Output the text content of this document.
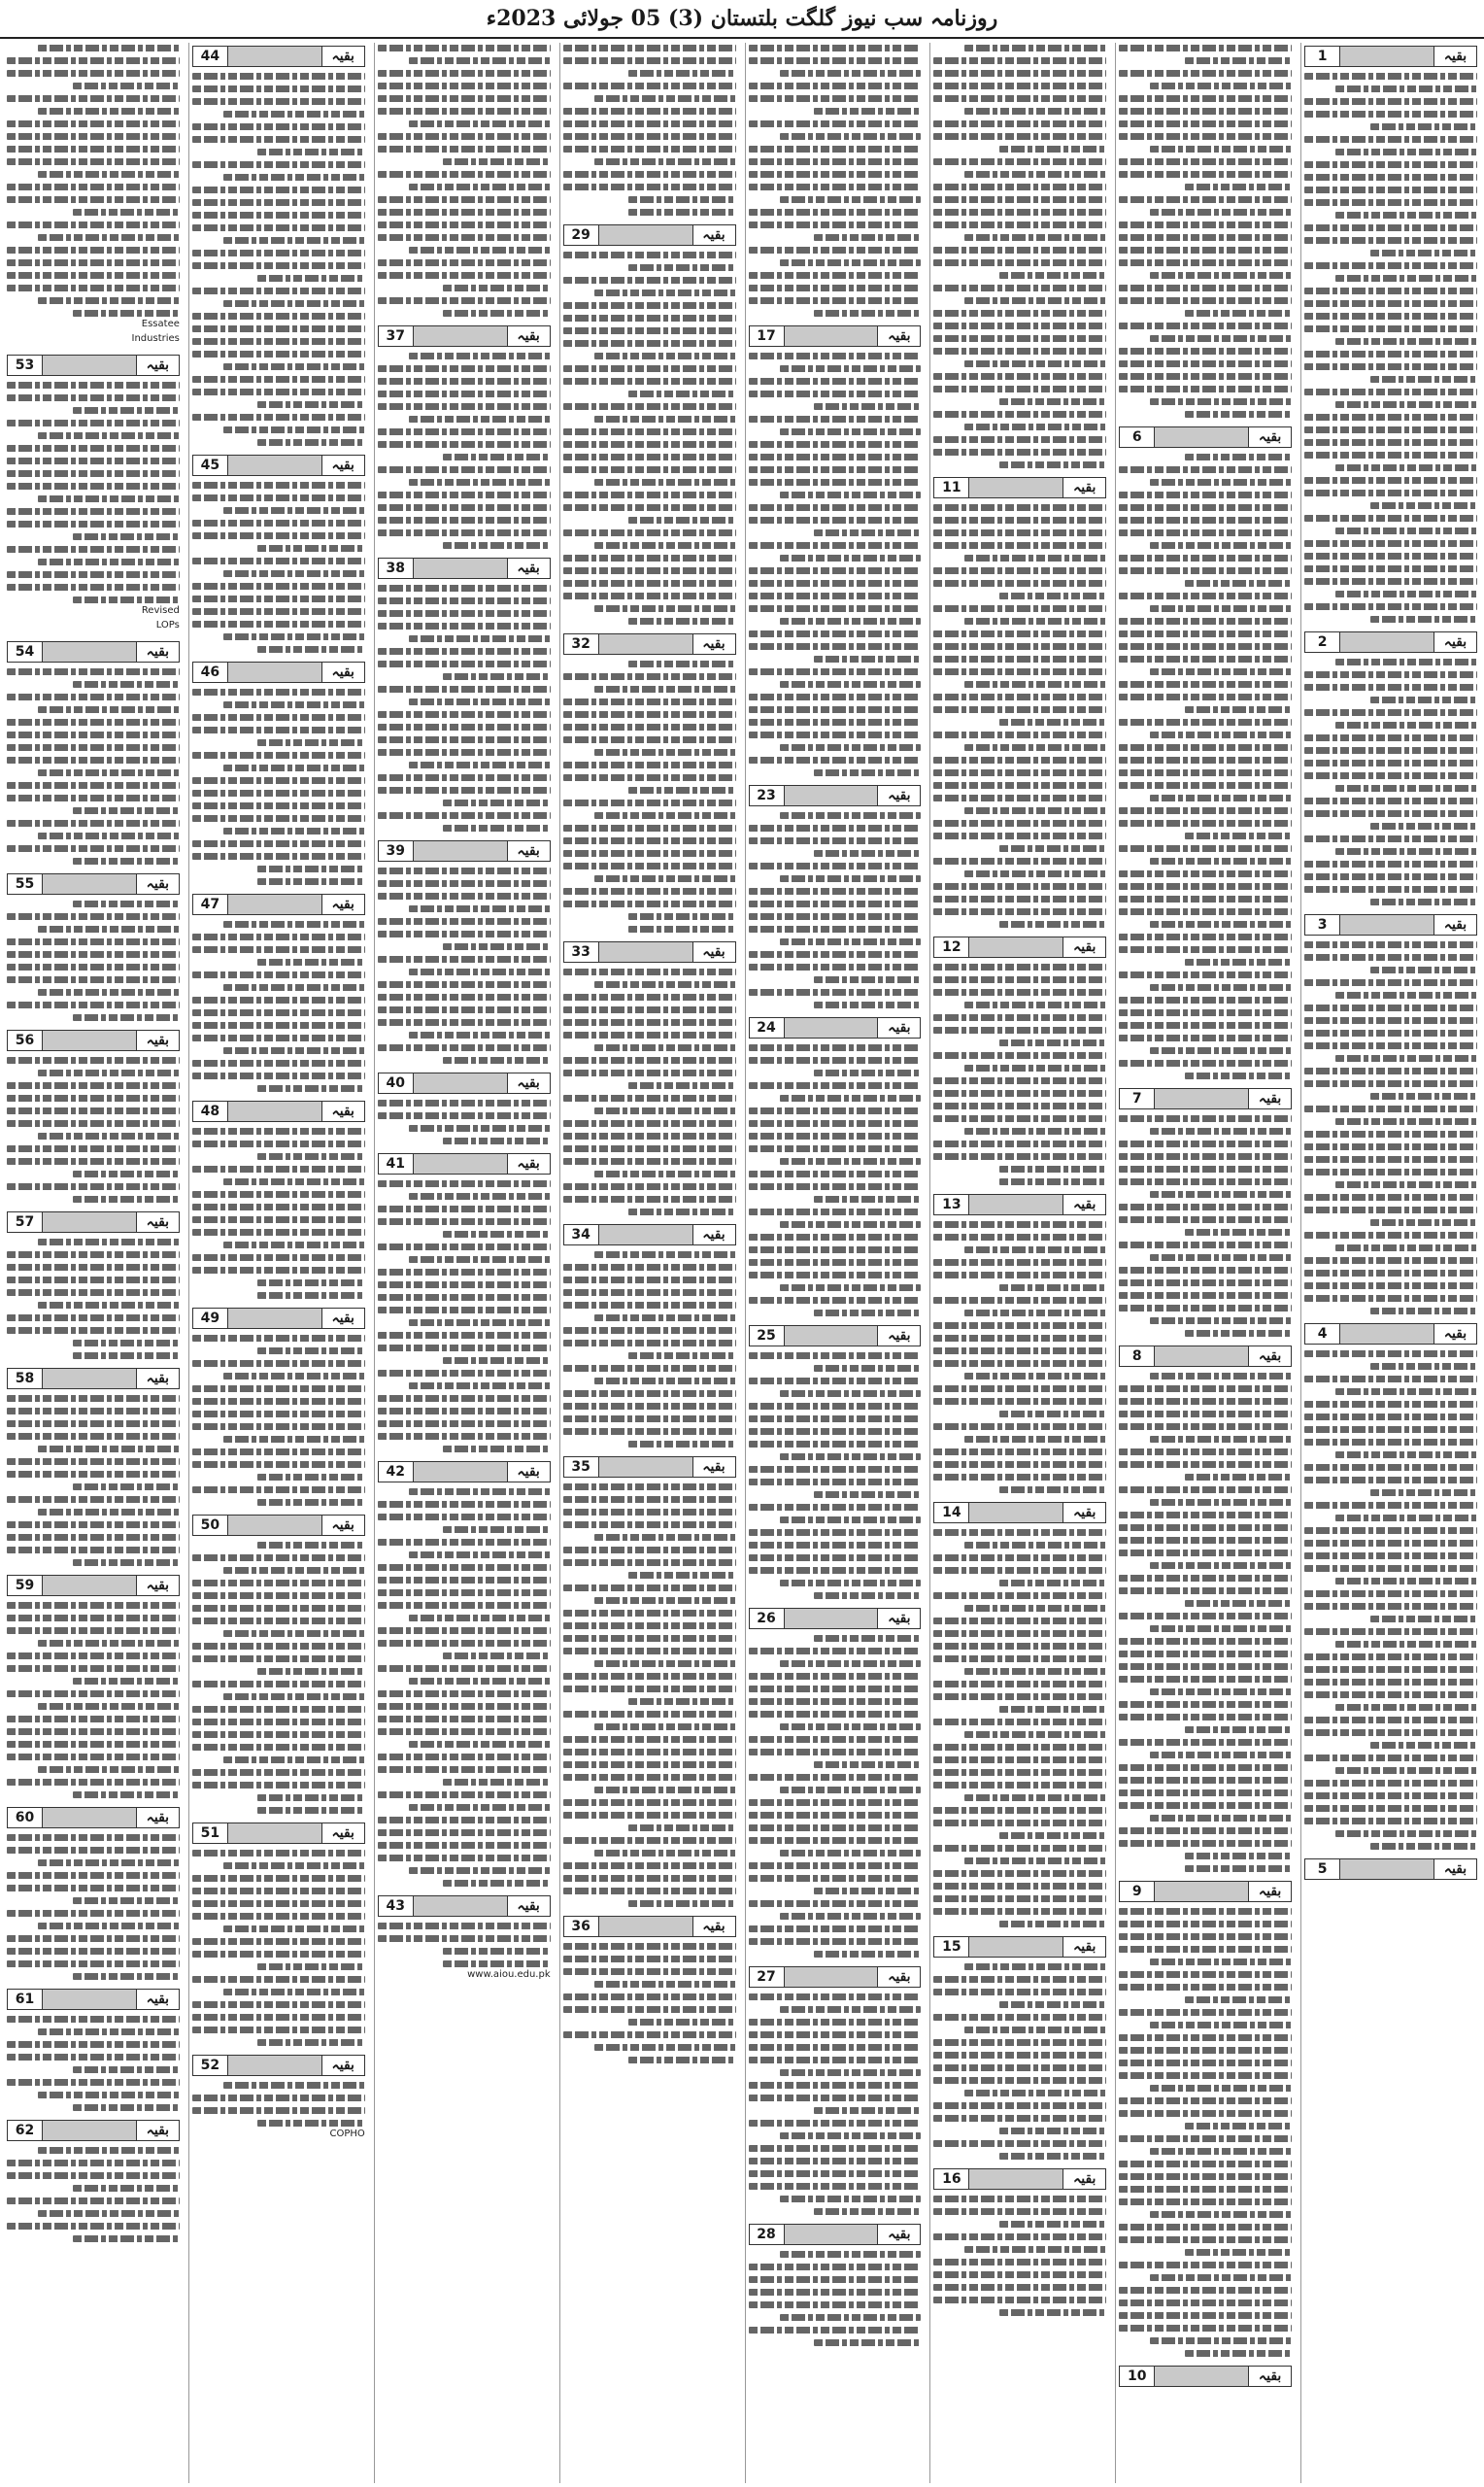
روزنامہ سب نیوز گلگت بلتستان (3) 05 جولائی 2023ء
1	بقیہ
2	بقیہ
3	بقیہ
4	بقیہ
5	بقیہ
6	بقیہ
7	بقیہ
8	بقیہ
9	بقیہ
10	بقیہ
11	بقیہ
12	بقیہ
13	بقیہ
14	بقیہ
15	بقیہ
16	بقیہ
17	بقیہ
23	بقیہ
24	بقیہ
25	بقیہ
26	بقیہ
27	بقیہ
28	بقیہ
29	بقیہ
32	بقیہ
33	بقیہ
34	بقیہ
35	بقیہ
36	بقیہ
37	بقیہ
38	بقیہ
39	بقیہ
40	بقیہ
41	بقیہ
42	بقیہ
43	بقیہ
www.aiou.edu.pk
44	بقیہ
45	بقیہ
46	بقیہ
47	بقیہ
48	بقیہ
49	بقیہ
50	بقیہ
51	بقیہ
52	بقیہ
COPHO
Essatee
Industries
53	بقیہ
Revised
LOPs
54	بقیہ
55	بقیہ
56	بقیہ
57	بقیہ
58	بقیہ
59	بقیہ
60	بقیہ
61	بقیہ
62	بقیہ
